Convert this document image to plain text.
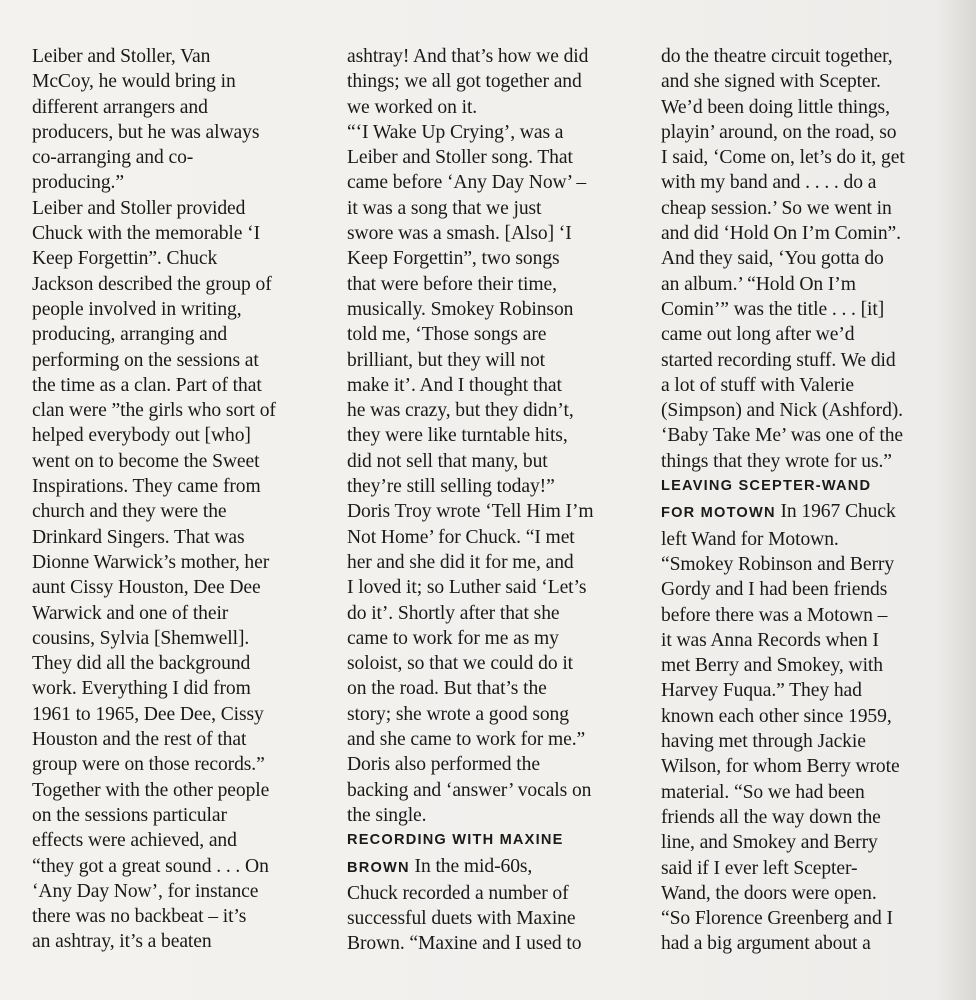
Leiber and Stoller, Van
McCoy, he would bring in
different arrangers and
producers, but he was always
co-arranging and co-
producing.”
Leiber and Stoller provided
Chuck with the memorable ‘I
Keep Forgettin”. Chuck
Jackson described the group of
people involved in writing,
producing, arranging and
performing on the sessions at
the time as a clan. Part of that
clan were ”the girls who sort of
helped everybody out [who]
went on to become the Sweet
Inspirations. They came from
church and they were the
Drinkard Singers. That was
Dionne Warwick’s mother, her
aunt Cissy Houston, Dee Dee
Warwick and one of their
cousins, Sylvia [Shemwell].
They did all the background
work. Everything I did from
1961 to 1965, Dee Dee, Cissy
Houston and the rest of that
group were on those records.”
Together with the other people
on the sessions particular
effects were achieved, and
“they got a great sound . . . On
‘Any Day Now’, for instance
there was no backbeat – it’s
an ashtray, it’s a beaten
ashtray! And that’s how we did
things; we all got together and
we worked on it.
“‘I Wake Up Crying’, was a
Leiber and Stoller song. That
came before ‘Any Day Now’ –
it was a song that we just
swore was a smash. [Also] ‘I
Keep Forgettin”, two songs
that were before their time,
musically. Smokey Robinson
told me, ‘Those songs are
brilliant, but they will not
make it’. And I thought that
he was crazy, but they didn’t,
they were like turntable hits,
did not sell that many, but
they’re still selling today!”
Doris Troy wrote ‘Tell Him I’m
Not Home’ for Chuck. “I met
her and she did it for me, and
I loved it; so Luther said ‘Let’s
do it’. Shortly after that she
came to work for me as my
soloist, so that we could do it
on the road. But that’s the
story; she wrote a good song
and she came to work for me.”
Doris also performed the
backing and ‘answer’ vocals on
the single.
RECORDING WITH MAXINE
BROWN In the mid-60s,
Chuck recorded a number of
successful duets with Maxine
Brown. “Maxine and I used to
do the theatre circuit together,
and she signed with Scepter.
We’d been doing little things,
playin’ around, on the road, so
I said, ‘Come on, let’s do it, get
with my band and . . . . do a
cheap session.’ So we went in
and did ‘Hold On I’m Comin”.
And they said, ‘You gotta do
an album.’ “Hold On I’m
Comin’” was the title . . . [it]
came out long after we’d
started recording stuff. We did
a lot of stuff with Valerie
(Simpson) and Nick (Ashford).
‘Baby Take Me’ was one of the
things that they wrote for us.”
LEAVING SCEPTER-WAND
FOR MOTOWN In 1967 Chuck
left Wand for Motown.
“Smokey Robinson and Berry
Gordy and I had been friends
before there was a Motown –
it was Anna Records when I
met Berry and Smokey, with
Harvey Fuqua.” They had
known each other since 1959,
having met through Jackie
Wilson, for whom Berry wrote
material. “So we had been
friends all the way down the
line, and Smokey and Berry
said if I ever left Scepter-
Wand, the doors were open.
“So Florence Greenberg and I
had a big argument about a
